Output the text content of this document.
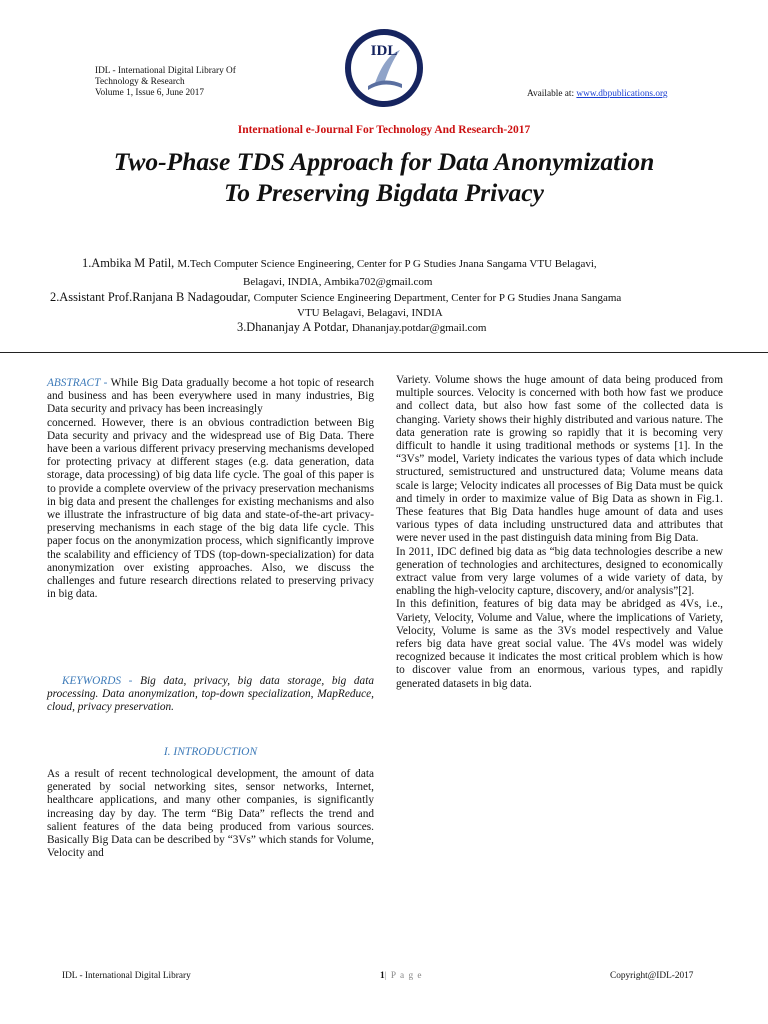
IDL - International Digital Library Of
Technology & Research
Volume 1, Issue 6, June 2017
IDL
Available at: www.dbpublications.org
International e-Journal For Technology And Research-2017
Two-Phase TDS Approach for Data Anonymization
To Preserving Bigdata Privacy
1.Ambika M Patil, M.Tech Computer Science Engineering, Center for P G Studies Jnana Sangama VTU Belagavi,
Belagavi, INDIA, Ambika702@gmail.com
2.Assistant Prof.Ranjana B Nadagoudar, Computer Science Engineering Department, Center for P G Studies Jnana Sangama
VTU Belagavi, Belagavi, INDIA
3.Dhananjay A Potdar, Dhananjay.potdar@gmail.com

ABSTRACT - While Big Data gradually become a hot topic of research and business and has been everywhere used in many industries, Big Data security and privacy has been increasingly

concerned. However, there is an obvious contradiction between Big Data security and privacy and the widespread use of Big Data. There have been a various different privacy preserving mechanisms developed for protecting privacy at different stages (e.g. data generation, data storage, data processing) of big data life cycle. The goal of this paper is to provide a complete overview of the privacy preservation mechanisms in big data and present the challenges for existing mechanisms and also we illustrate the infrastructure of big data and state-of-the-art privacy-preserving mechanisms in each stage of the big data life cycle. This paper focus on the anonymization process, which significantly improve the scalability and efficiency of TDS (top-down-specialization) for data anonymization over existing approaches. Also, we discuss the challenges and future research directions related to preserving privacy in big data.

KEYWORDS - Big data, privacy, big data storage, big data processing. Data anonymization, top-down specialization, MapReduce, cloud, privacy preservation.

I. INTRODUCTION

As a result of recent technological development, the amount of data generated by social networking sites, sensor networks, Internet, healthcare applications, and many other companies, is significantly increasing day by day. The term “Big Data” reflects the trend and salient features of the data being produced from various sources. Basically Big Data can be described by “3Vs” which stands for Volume, Velocity and

Variety. Volume shows the huge amount of data being produced from multiple sources. Velocity is concerned with both how fast we produce and collect data, but also how fast some of the collected data is changing. Variety shows their highly distributed and various nature. The data generation rate is growing so rapidly that it is becoming very difficult to handle it using traditional methods or systems [1]. In the “3Vs” model, Variety indicates the various types of data which include structured, semistructured and unstructured data; Volume means data scale is large; Velocity indicates all processes of Big Data must be quick and timely in order to maximize value of Big Data as shown in Fig.1. These features that Big Data handles huge amount of data and uses various types of data including unstructured data and attributes that were never used in the past distinguish data mining from Big Data.

In 2011, IDC defined big data as “big data technologies describe a new generation of technologies and architectures, designed to economically extract value from very large volumes of a wide variety of data, by enabling the high-velocity capture, discovery, and/or analysis”[2].

In this definition, features of big data may be abridged as 4Vs, i.e., Variety, Velocity, Volume and Value, where the implications of Variety, Velocity, Volume is same as the 3Vs model respectively and Value refers big data have great social value. The 4Vs model was widely recognized because it indicates the most critical problem which is how to discover value from an enormous, various types, and rapidly generated datasets in big data.

IDL - International Digital Library	1| P a g e	Copyright@IDL-2017
